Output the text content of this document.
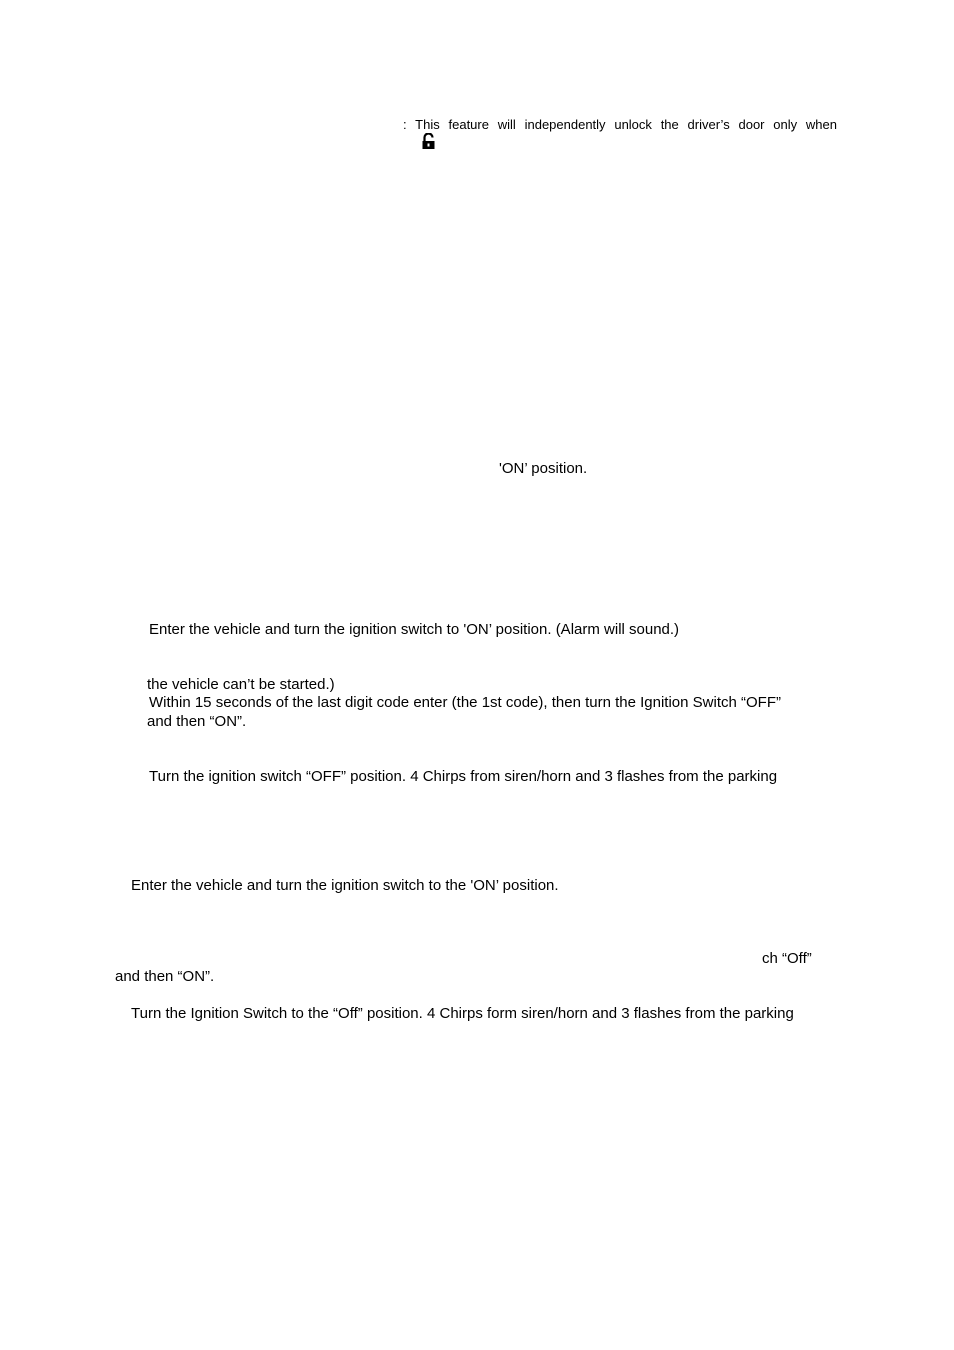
: This feature will independently unlock the driver’s door only when

'ON’ position.

Enter the vehicle and turn the ignition switch to 'ON’ position. (Alarm will sound.)

the vehicle can’t be started.)

Within 15 seconds of the last digit code enter (the 1st code), then turn the Ignition Switch “OFF”

and then “ON”.

Turn the ignition switch “OFF” position. 4 Chirps from siren/horn and 3 flashes from the parking

Enter the vehicle and turn the ignition switch to the 'ON’ position.

ch “Off”

and then “ON”.

Turn the Ignition Switch to the “Off” position. 4 Chirps form siren/horn and 3 flashes from the parking
